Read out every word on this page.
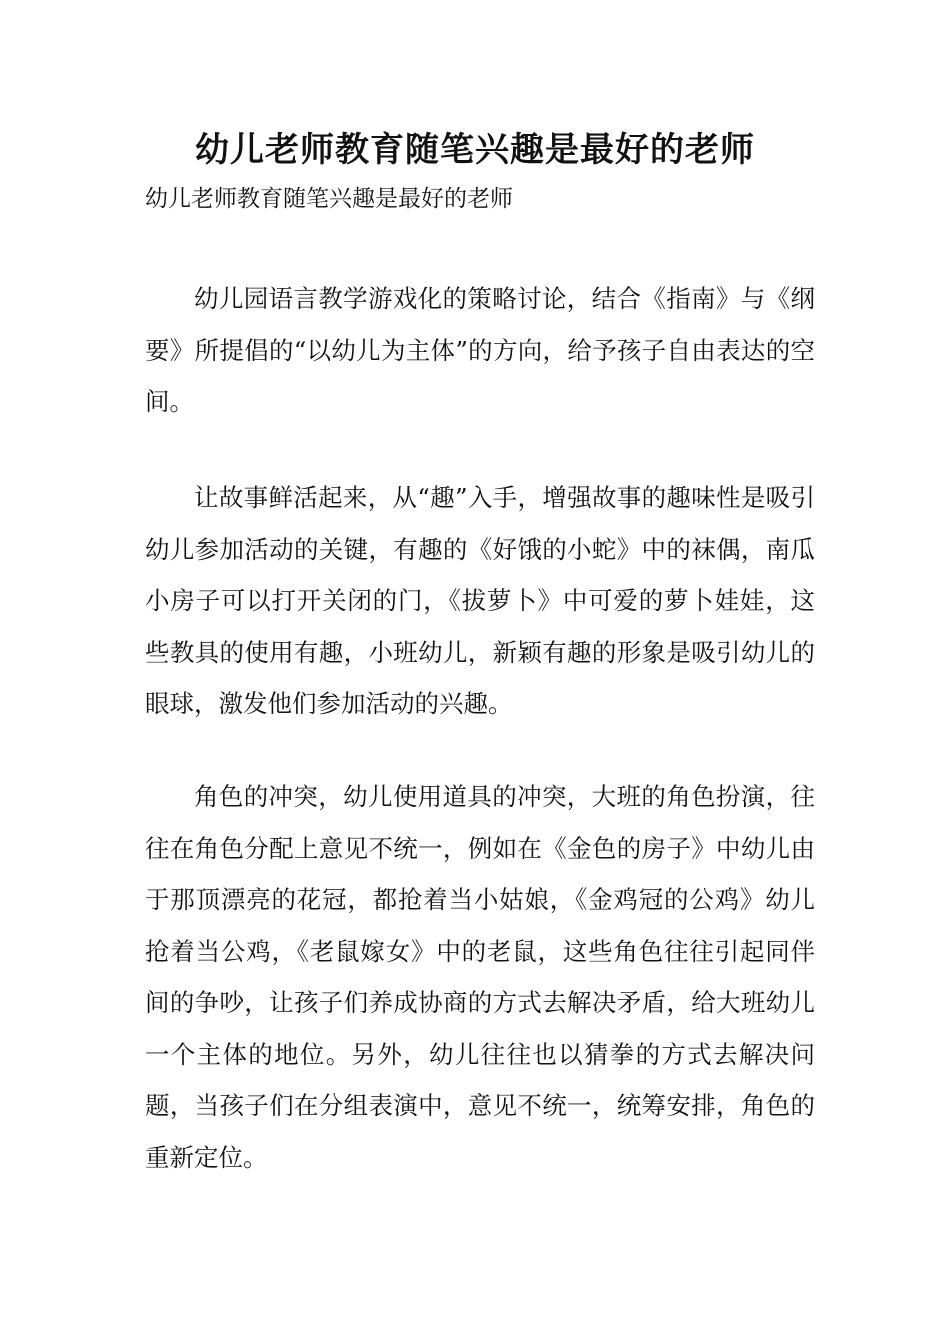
幼儿老师教育随笔兴趣是最好的老师
幼儿老师教育随笔兴趣是最好的老师

幼儿园语言教学游戏化的策略讨论，结合《指南》与《纲要》所提倡的“以幼儿为主体”的方向，给予孩子自由表达的空间。

让故事鲜活起来，从“趣”入手，增强故事的趣味性是吸引幼儿参加活动的关键，有趣的《好饿的小蛇》中的袜偶，南瓜小房子可以打开关闭的门，《拔萝卜》中可爱的萝卜娃娃，这些教具的使用有趣，小班幼儿，新颖有趣的形象是吸引幼儿的眼球，激发他们参加活动的兴趣。

角色的冲突，幼儿使用道具的冲突，大班的角色扮演，往往在角色分配上意见不统一，例如在《金色的房子》中幼儿由于那顶漂亮的花冠，都抢着当小姑娘，《金鸡冠的公鸡》幼儿抢着当公鸡，《老鼠嫁女》中的老鼠，这些角色往往引起同伴间的争吵，让孩子们养成协商的方式去解决矛盾，给大班幼儿一个主体的地位。另外，幼儿往往也以猜拳的方式去解决问题，当孩子们在分组表演中，意见不统一，统筹安排，角色的重新定位。
